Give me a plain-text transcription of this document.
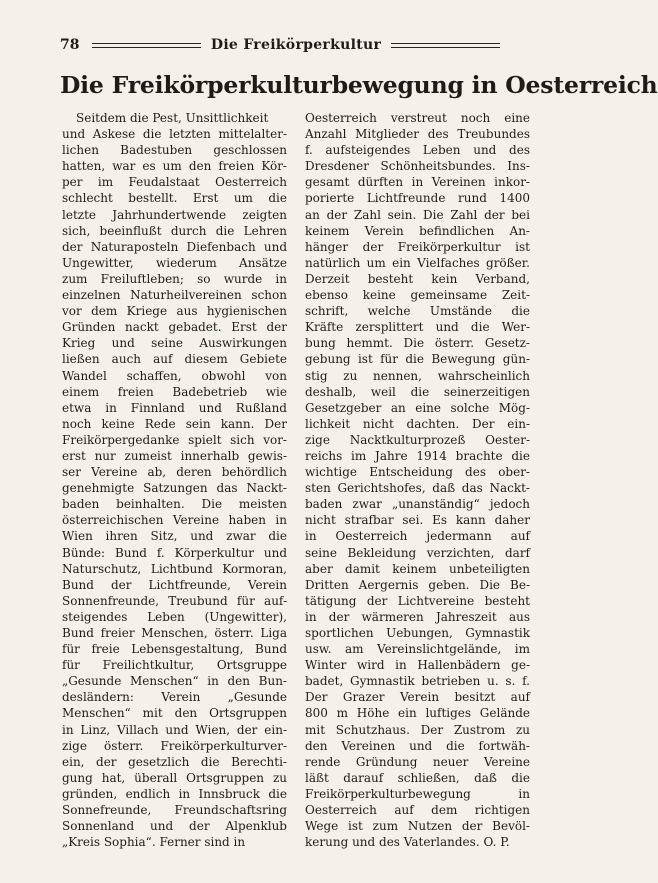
78	Die Freikörperkultur
Die Freikörperkulturbewegung in Oesterreich
Seitdem die Pest, Unsittlichkeit
und Askese die letzten mittelalter-
lichen Badestuben geschlossen
hatten, war es um den freien Kör-
per im Feudalstaat Oesterreich
schlecht bestellt. Erst um die
letzte Jahrhundertwende zeigten
sich, beeinflußt durch die Lehren
der Naturaposteln Diefenbach und
Ungewitter, wiederum Ansätze
zum Freiluftleben; so wurde in
einzelnen Naturheilvereinen schon
vor dem Kriege aus hygienischen
Gründen nackt gebadet. Erst der
Krieg und seine Auswirkungen
ließen auch auf diesem Gebiete
Wandel schaffen, obwohl von
einem freien Badebetrieb wie
etwa in Finnland und Rußland
noch keine Rede sein kann. Der
Freikörpergedanke spielt sich vor-
erst nur zumeist innerhalb gewis-
ser Vereine ab, deren behördlich
genehmigte Satzungen das Nackt-
baden beinhalten. Die meisten
österreichischen Vereine haben in
Wien ihren Sitz, und zwar die
Bünde: Bund f. Körperkultur und
Naturschutz, Lichtbund Kormoran,
Bund der Lichtfreunde, Verein
Sonnenfreunde, Treubund für auf-
steigendes Leben (Ungewitter),
Bund freier Menschen, österr. Liga
für freie Lebensgestaltung, Bund
für Freilichtkultur, Ortsgruppe
„Gesunde Menschen“ in den Bun-
desländern: Verein „Gesunde
Menschen“ mit den Ortsgruppen
in Linz, Villach und Wien, der ein-
zige österr. Freikörperkulturver-
ein, der gesetzlich die Berechti-
gung hat, überall Ortsgruppen zu
gründen, endlich in Innsbruck die
Sonnefreunde, Freundschaftsring
Sonnenland und der Alpenklub
„Kreis Sophia“. Ferner sind in
Oesterreich verstreut noch eine
Anzahl Mitglieder des Treubundes
f. aufsteigendes Leben und des
Dresdener Schönheitsbundes. Ins-
gesamt dürften in Vereinen inkor-
porierte Lichtfreunde rund 1400
an der Zahl sein. Die Zahl der bei
keinem Verein befindlichen An-
hänger der Freikörperkultur ist
natürlich um ein Vielfaches größer.
Derzeit besteht kein Verband,
ebenso keine gemeinsame Zeit-
schrift, welche Umstände die
Kräfte zersplittert und die Wer-
bung hemmt. Die österr. Gesetz-
gebung ist für die Bewegung gün-
stig zu nennen, wahrscheinlich
deshalb, weil die seinerzeitigen
Gesetzgeber an eine solche Mög-
lichkeit nicht dachten. Der ein-
zige Nacktkulturprozeß Oester-
reichs im Jahre 1914 brachte die
wichtige Entscheidung des ober-
sten Gerichtshofes, daß das Nackt-
baden zwar „unanständig“ jedoch
nicht strafbar sei. Es kann daher
in Oesterreich jedermann auf
seine Bekleidung verzichten, darf
aber damit keinem unbeteiligten
Dritten Aergernis geben. Die Be-
tätigung der Lichtvereine besteht
in der wärmeren Jahreszeit aus
sportlichen Uebungen, Gymnastik
usw. am Vereinslichtgelände, im
Winter wird in Hallenbädern ge-
badet, Gymnastik betrieben u. s. f.
Der Grazer Verein besitzt auf
800 m Höhe ein luftiges Gelände
mit Schutzhaus. Der Zustrom zu
den Vereinen und die fortwäh-
rende Gründung neuer Vereine
läßt darauf schließen, daß die
Freikörperkulturbewegung in
Oesterreich auf dem richtigen
Wege ist zum Nutzen der Bevöl-
kerung und des Vaterlandes. O. P.
